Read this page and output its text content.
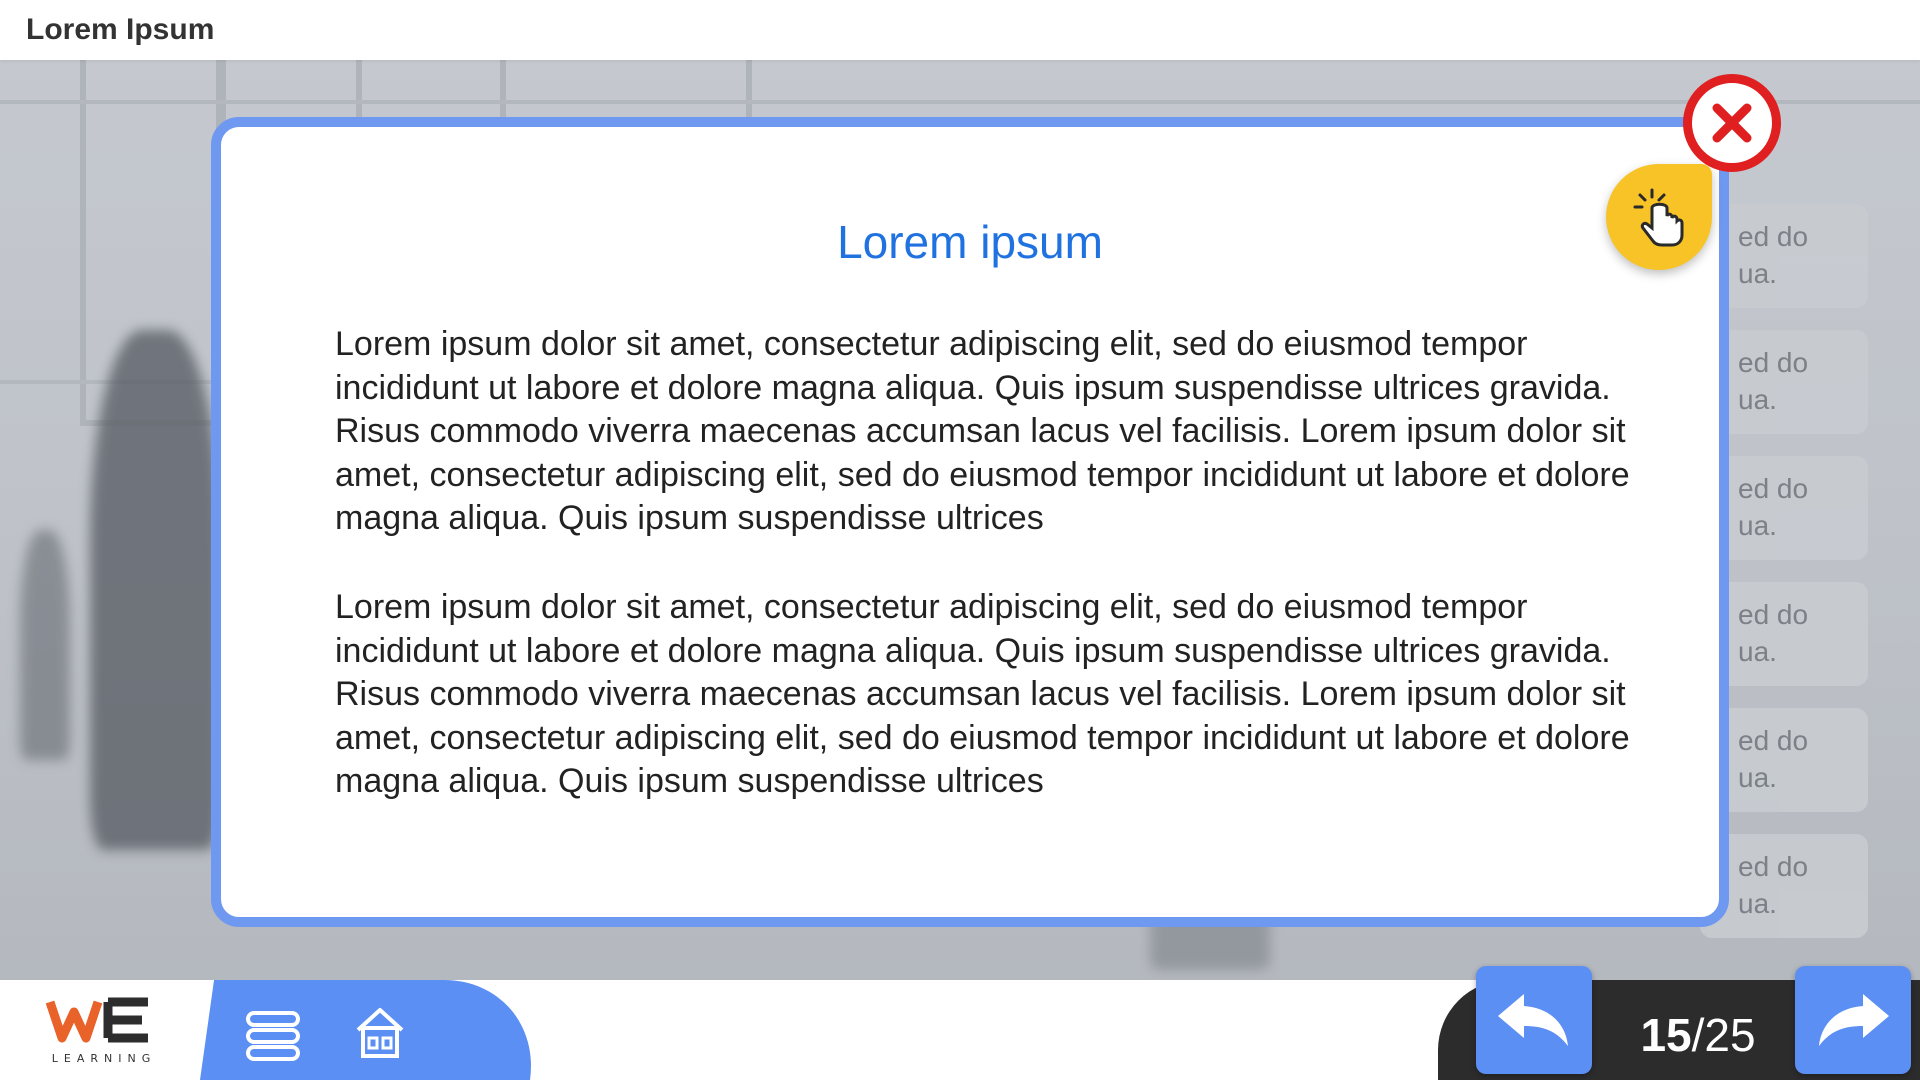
Lorem Ipsum
ed do
ua.
ed do
ua.
ed do
ua.
ed do
ua.
ed do
ua.
ed do
ua.
Lorem ipsum
Lorem ipsum dolor sit amet, consectetur adipiscing elit, sed do eiusmod tempor incididunt ut labore et dolore magna aliqua. Quis ipsum suspendisse ultrices gravida. Risus commodo viverra maecenas accumsan lacus vel facilisis. Lorem ipsum dolor sit amet, consectetur adipiscing elit, sed do eiusmod tempor incididunt ut labore et dolore magna aliqua. Quis ipsum suspendisse ultrices
Lorem ipsum dolor sit amet, consectetur adipiscing elit, sed do eiusmod tempor incididunt ut labore et dolore magna aliqua. Quis ipsum suspendisse ultrices gravida. Risus commodo viverra maecenas accumsan lacus vel facilisis. Lorem ipsum dolor sit amet, consectetur adipiscing elit, sed do eiusmod tempor incididunt ut labore et dolore magna aliqua. Quis ipsum suspendisse ultrices
LEARNING	15/25
